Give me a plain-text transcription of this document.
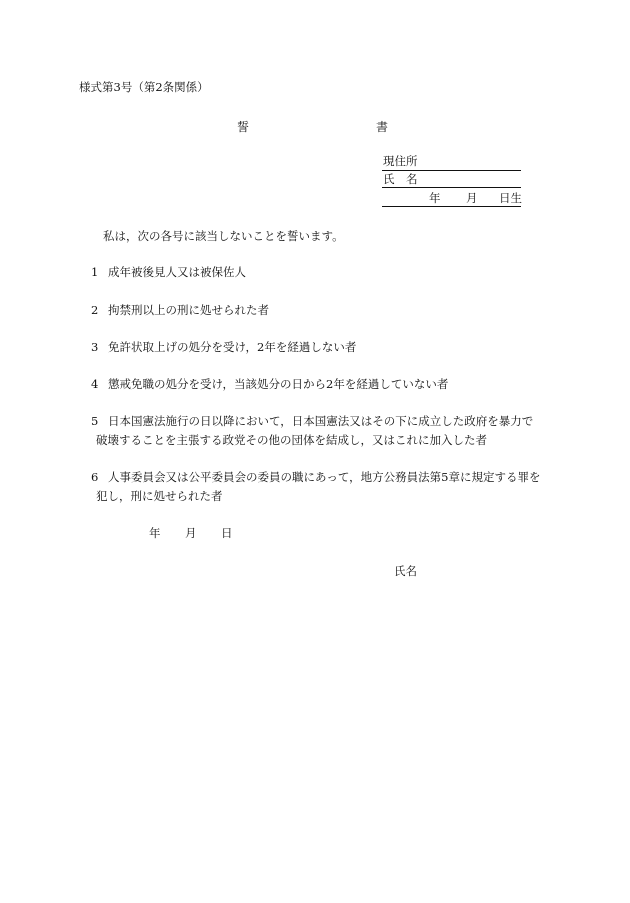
様式第3号（第2条関係）
誓	書
現住所
氏 名
年 月 日生
私は，次の各号に該当しないことを誓います。
1 成年被後見人又は被保佐人
2 拘禁刑以上の刑に処せられた者
3 免許状取上げの処分を受け，2年を経過しない者
4 懲戒免職の処分を受け，当該処分の日から2年を経過していない者
5 日本国憲法施行の日以降において，日本国憲法又はその下に成立した政府を暴力で
破壊することを主張する政党その他の団体を結成し，又はこれに加入した者
6 人事委員会又は公平委員会の委員の職にあって，地方公務員法第5章に規定する罪を
犯し，刑に処せられた者
年 月 日
氏名
